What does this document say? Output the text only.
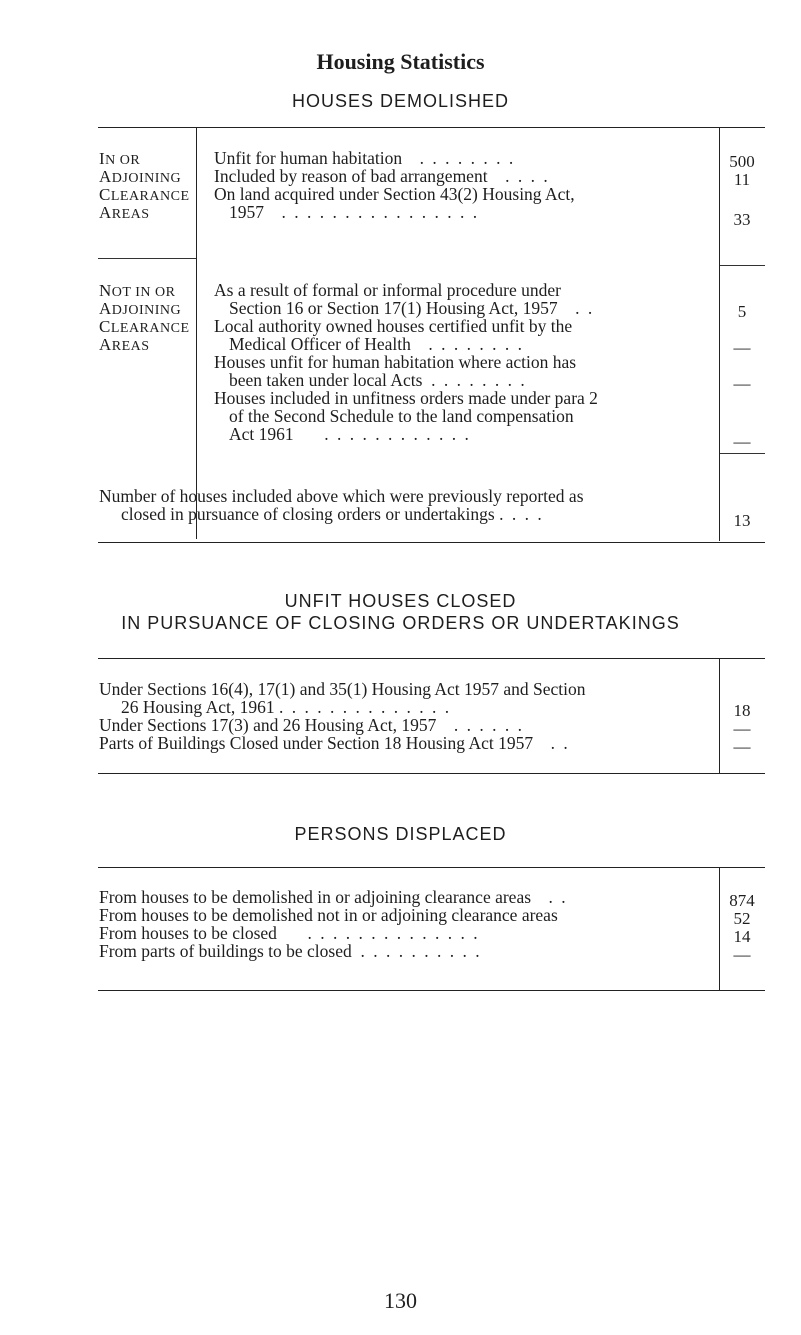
Housing Statistics
HOUSES DEMOLISHED
IN OR
ADJOINING
CLEARANCE
AREAS
Unfit for human habitation . . . . . . . .	500
Included by reason of bad arrangement . . . .	11
On land acquired under Section 43(2) Housing Act,
1957 . . . . . . . . . . . . . . . .	33
NOT IN OR
ADJOINING
CLEARANCE
AREAS
As a result of formal or informal procedure under
Section 16 or Section 17(1) Housing Act, 1957 . .	5
Local authority owned houses certified unfit by the
Medical Officer of Health . . . . . . . .	—
Houses unfit for human habitation where action has
been taken under local Acts . . . . . . . .	—
Houses included in unfitness orders made under para 2
of the Second Schedule to the land compensation
Act 1961 . . . . . . . . . . . .	—
Number of houses included above which were previously reported as
closed in pursuance of closing orders or undertakings . . . .	13
UNFIT HOUSES CLOSED
IN PURSUANCE OF CLOSING ORDERS OR UNDERTAKINGS
Under Sections 16(4), 17(1) and 35(1) Housing Act 1957 and Section
26 Housing Act, 1961 . . . . . . . . . . . . . .	18
Under Sections 17(3) and 26 Housing Act, 1957 . . . . . .	—
Parts of Buildings Closed under Section 18 Housing Act 1957 . .	—
PERSONS DISPLACED
From houses to be demolished in or adjoining clearance areas . .	874
From houses to be demolished not in or adjoining clearance areas	52
From houses to be closed . . . . . . . . . . . . . .	14
From parts of buildings to be closed . . . . . . . . . .	—
130
